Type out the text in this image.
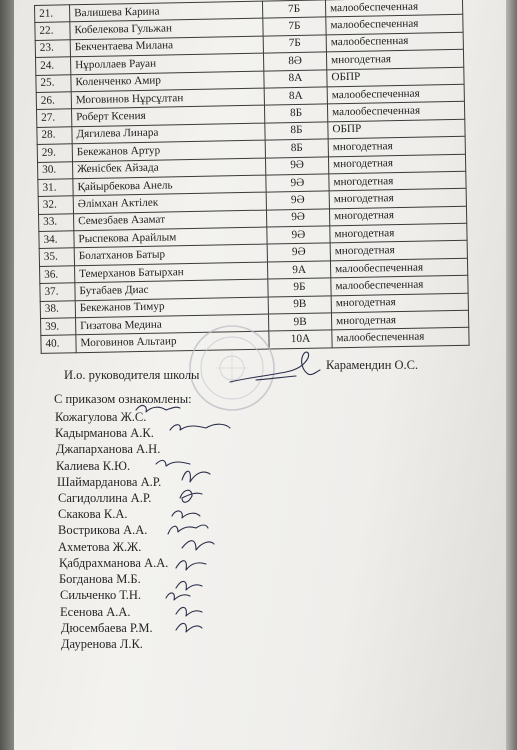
21.	Валишева Карина	7Б	малообеспеченная
22.	Кобелекова Гульжан	7Б	малообеспеченная
23.	Бекчентаева Милана	7Б	малообеспенная
24.	Нұроллаев Рауан	8Ә	многодетная
25.	Коленченко Амир	8А	ОБПР
26.	Моговинов Нұрсұлтан	8А	малообеспеченная
27.	Роберт Ксения	8Б	малообеспеченная
28.	Дягилева Линара	8Б	ОБПР
29.	Бекежанов Артур	8Б	многодетная
30.	Женісбек Айзада	9Ә	многодетная
31.	Қайырбекова Анель	9Ә	многодетная
32.	Әлімхан Актілек	9Ә	многодетная
33.	Семезбаев Азамат	9Ә	многодетная
34.	Рыспекова Арайлым	9Ә	многодетная
35.	Болатханов Батыр	9Ә	многодетная
36.	Темерханов Батырхан	9А	малообеспеченная
37.	Бутабаев Диас	9Б	малообеспеченная
38.	Бекежанов Тимур	9В	многодетная
39.	Гизатова Медина	9В	многодетная
40.	Моговинов Альтаир	10А	малообеспеченная
И.о. руководителя школы
Карамендин О.С.
С приказом ознакомлены:
Кожагулова Ж.С.
Кадырманова А.К.
Джапарханова А.Н.
Калиева К.Ю.
Шаймарданова А.Р.
Сагидоллина А.Р.
Скакова К.А.
Вострикова А.А.
Ахметова Ж.Ж.
Қабдрахманова А.А.
Богданова М.Б.
Сильченко Т.Н.
Есенова А.А.
Дюсембаева Р.М.
Дауренова Л.К.
